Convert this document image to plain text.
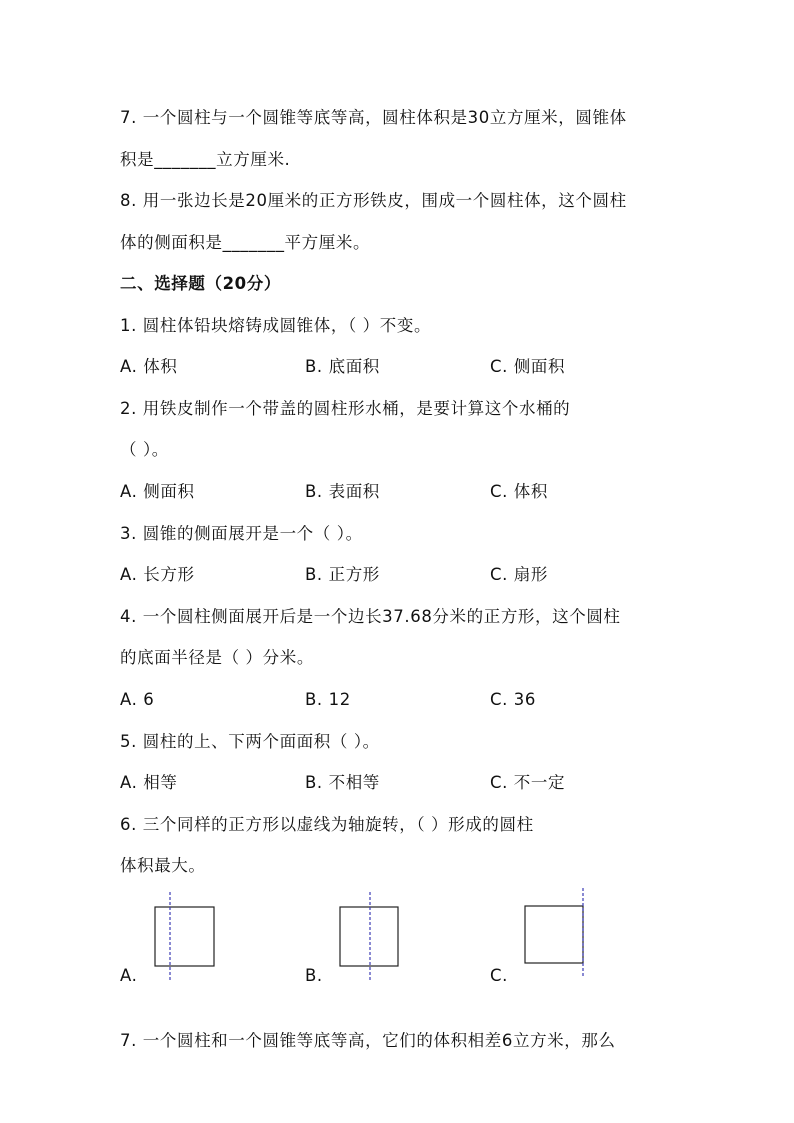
7. 一个圆柱与一个圆锥等底等高，圆柱体积是30立方厘米，圆锥体
积是_______立方厘米.
8. 用一张边长是20厘米的正方形铁皮，围成一个圆柱体，这个圆柱
体的侧面积是_______平方厘米。
二、选择题（20分）
1. 圆柱体铅块熔铸成圆锥体，（ ）不变。
A. 体积	B. 底面积	C. 侧面积
2. 用铁皮制作一个带盖的圆柱形水桶，是要计算这个水桶的
（ ）。
A. 侧面积	B. 表面积	C. 体积
3. 圆锥的侧面展开是一个（ ）。
A. 长方形	B. 正方形	C. 扇形
4. 一个圆柱侧面展开后是一个边长37.68分米的正方形，这个圆柱
的底面半径是（ ）分米。
A. 6	B. 12	C. 36
5. 圆柱的上、下两个面面积（ ）。
A. 相等	B. 不相等	C. 不一定
6. 三个同样的正方形以虚线为轴旋转，（ ）形成的圆柱
体积最大。
A.	B.	C.
7. 一个圆柱和一个圆锥等底等高，它们的体积相差6立方米，那么
